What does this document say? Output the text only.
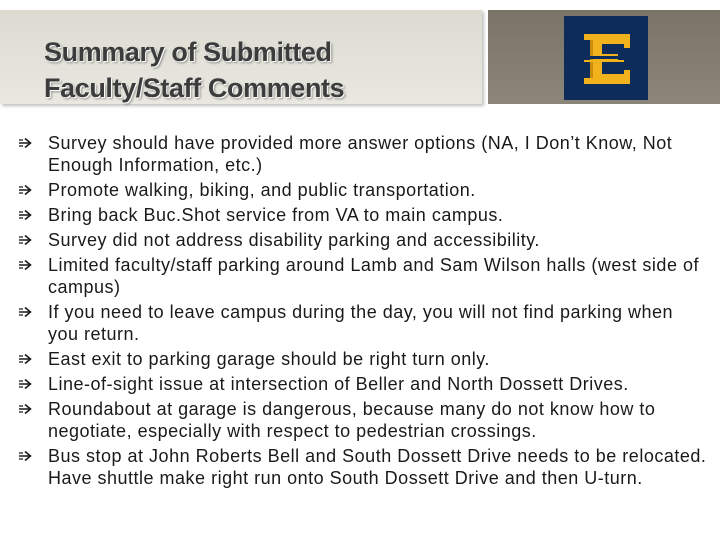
Summary of Submitted
Faculty/Staff Comments
Survey should have provided more answer options (NA, I Don’t Know, Not Enough Information, etc.)
Promote walking, biking, and public transportation.
Bring back Buc.Shot service from VA to main campus.
Survey did not address disability parking and accessibility.
Limited faculty/staff parking around Lamb and Sam Wilson halls (west side of campus)
If you need to leave campus during the day, you will not find parking when you return.
East exit to parking garage should be right turn only.
Line-of-sight issue at intersection of Beller and North Dossett Drives.
Roundabout at garage is dangerous, because many do not know how to negotiate, especially with respect to pedestrian crossings.
Bus stop at John Roberts Bell and South Dossett Drive needs to be relocated. Have shuttle make right run onto South Dossett Drive and then U-turn.
